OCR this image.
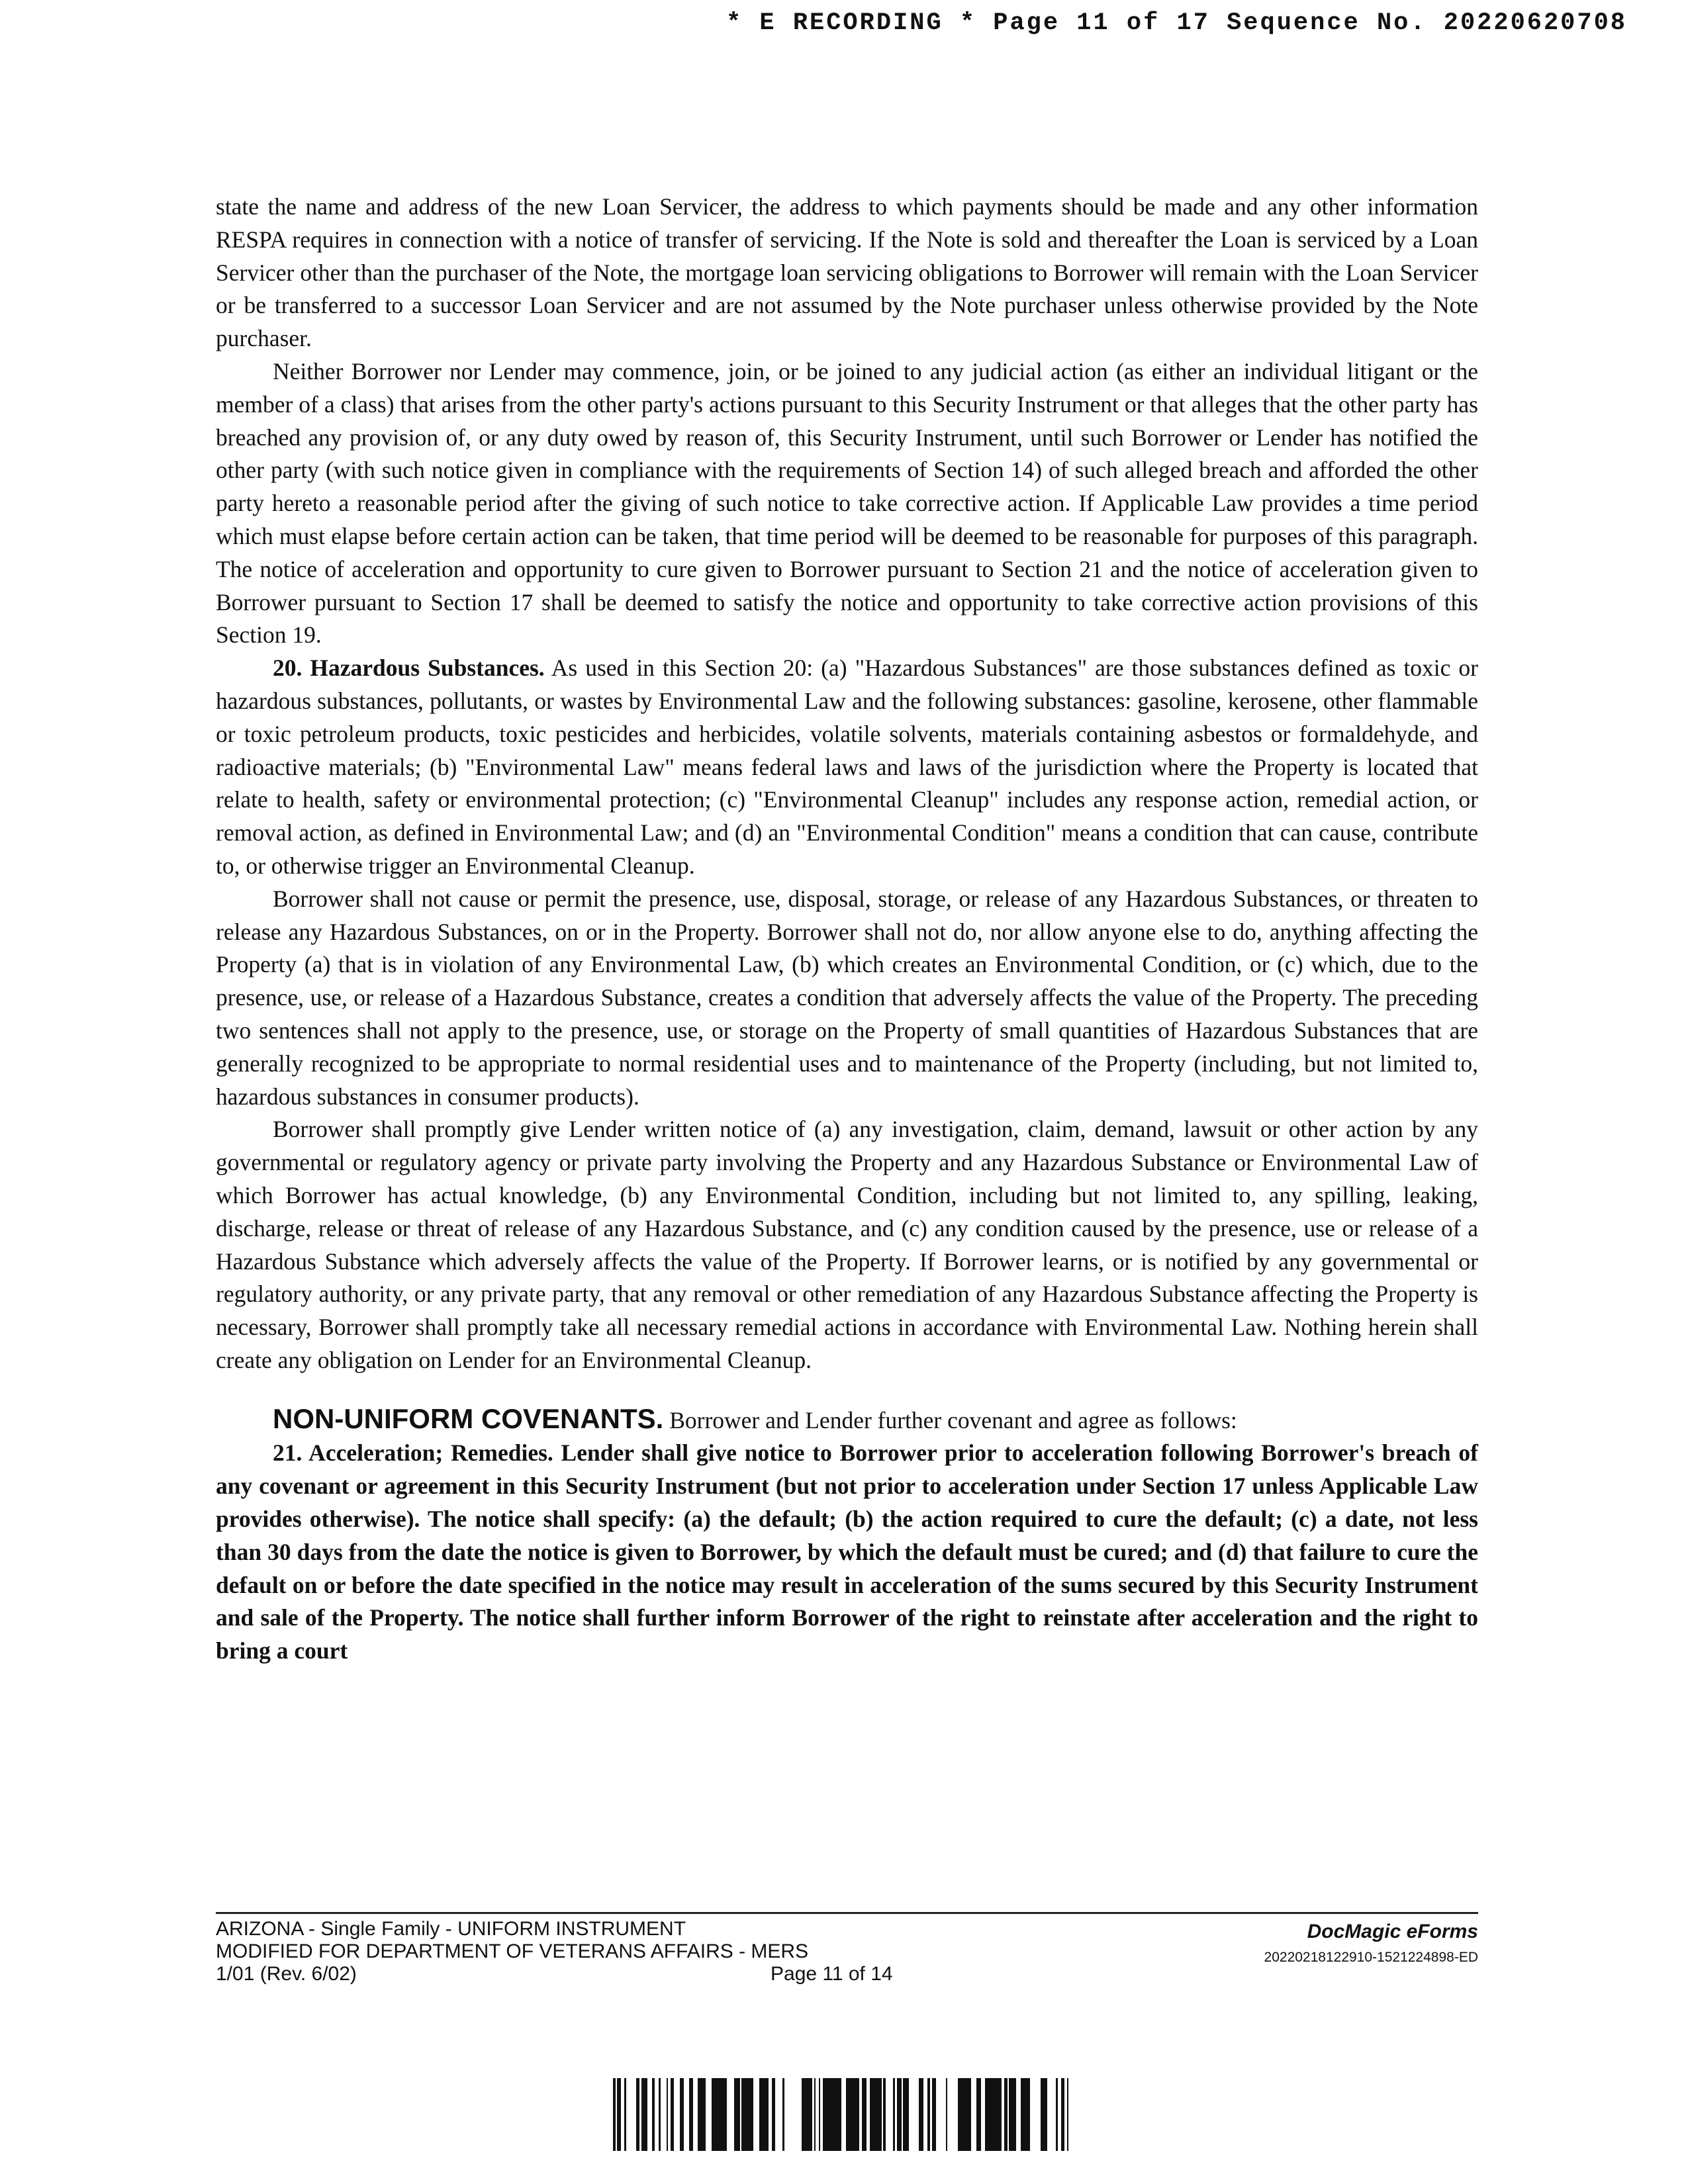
* E RECORDING * Page 11 of 17 Sequence No. 20220620708

state the name and address of the new Loan Servicer, the address to which payments should be made and any other information RESPA requires in connection with a notice of transfer of servicing. If the Note is sold and thereafter the Loan is serviced by a Loan Servicer other than the purchaser of the Note, the mortgage loan servicing obligations to Borrower will remain with the Loan Servicer or be transferred to a successor Loan Servicer and are not assumed by the Note purchaser unless otherwise provided by the Note purchaser.

Neither Borrower nor Lender may commence, join, or be joined to any judicial action (as either an individual litigant or the member of a class) that arises from the other party's actions pursuant to this Security Instrument or that alleges that the other party has breached any provision of, or any duty owed by reason of, this Security Instrument, until such Borrower or Lender has notified the other party (with such notice given in compliance with the requirements of Section 14) of such alleged breach and afforded the other party hereto a reasonable period after the giving of such notice to take corrective action. If Applicable Law provides a time period which must elapse before certain action can be taken, that time period will be deemed to be reasonable for purposes of this paragraph. The notice of acceleration and opportunity to cure given to Borrower pursuant to Section 21 and the notice of acceleration given to Borrower pursuant to Section 17 shall be deemed to satisfy the notice and opportunity to take corrective action provisions of this Section 19.

20. Hazardous Substances. As used in this Section 20: (a) "Hazardous Substances" are those substances defined as toxic or hazardous substances, pollutants, or wastes by Environmental Law and the following substances: gasoline, kerosene, other flammable or toxic petroleum products, toxic pesticides and herbicides, volatile solvents, materials containing asbestos or formaldehyde, and radioactive materials; (b) "Environmental Law" means federal laws and laws of the jurisdiction where the Property is located that relate to health, safety or environmental protection; (c) "Environmental Cleanup" includes any response action, remedial action, or removal action, as defined in Environmental Law; and (d) an "Environmental Condition" means a condition that can cause, contribute to, or otherwise trigger an Environmental Cleanup.

Borrower shall not cause or permit the presence, use, disposal, storage, or release of any Hazardous Substances, or threaten to release any Hazardous Substances, on or in the Property. Borrower shall not do, nor allow anyone else to do, anything affecting the Property (a) that is in violation of any Environmental Law, (b) which creates an Environmental Condition, or (c) which, due to the presence, use, or release of a Hazardous Substance, creates a condition that adversely affects the value of the Property. The preceding two sentences shall not apply to the presence, use, or storage on the Property of small quantities of Hazardous Substances that are generally recognized to be appropriate to normal residential uses and to maintenance of the Property (including, but not limited to, hazardous substances in consumer products).

Borrower shall promptly give Lender written notice of (a) any investigation, claim, demand, lawsuit or other action by any governmental or regulatory agency or private party involving the Property and any Hazardous Substance or Environmental Law of which Borrower has actual knowledge, (b) any Environmental Condition, including but not limited to, any spilling, leaking, discharge, release or threat of release of any Hazardous Substance, and (c) any condition caused by the presence, use or release of a Hazardous Substance which adversely affects the value of the Property. If Borrower learns, or is notified by any governmental or regulatory authority, or any private party, that any removal or other remediation of any Hazardous Substance affecting the Property is necessary, Borrower shall promptly take all necessary remedial actions in accordance with Environmental Law. Nothing herein shall create any obligation on Lender for an Environmental Cleanup.

NON-UNIFORM COVENANTS. Borrower and Lender further covenant and agree as follows:

21. Acceleration; Remedies. Lender shall give notice to Borrower prior to acceleration following Borrower's breach of any covenant or agreement in this Security Instrument (but not prior to acceleration under Section 17 unless Applicable Law provides otherwise). The notice shall specify: (a) the default; (b) the action required to cure the default; (c) a date, not less than 30 days from the date the notice is given to Borrower, by which the default must be cured; and (d) that failure to cure the default on or before the date specified in the notice may result in acceleration of the sums secured by this Security Instrument and sale of the Property. The notice shall further inform Borrower of the right to reinstate after acceleration and the right to bring a court

ARIZONA - Single Family - UNIFORM INSTRUMENT
MODIFIED FOR DEPARTMENT OF VETERANS AFFAIRS - MERS
1/01 (Rev. 6/02)	Page 11 of 14
DocMagic eForms
20220218122910-1521224898-ED
